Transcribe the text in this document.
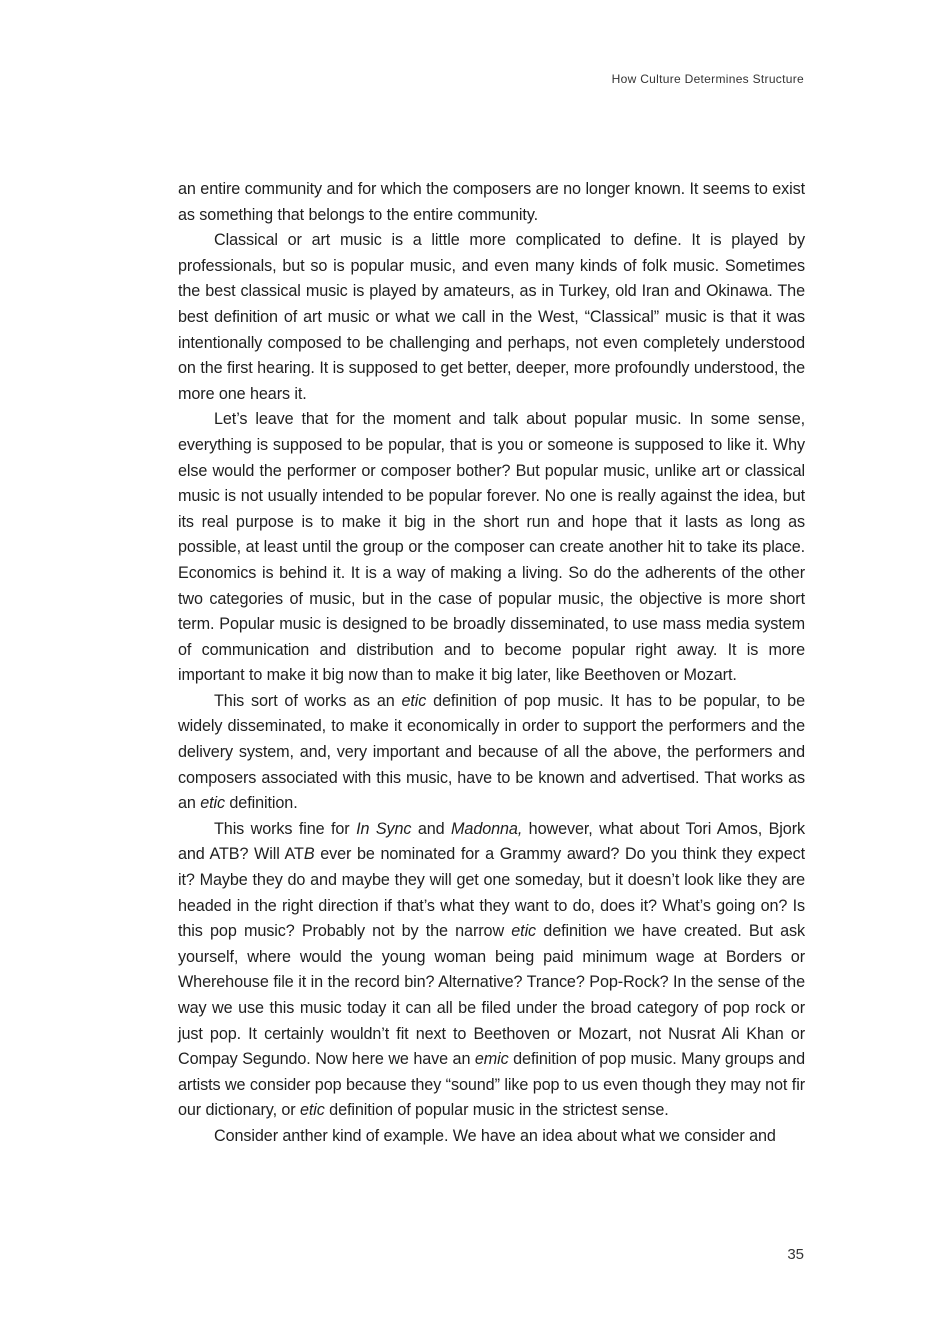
How Culture Determines Structure

an entire community and for which the composers are no longer known. It seems to exist as something that belongs to the entire community.

Classical or art music is a little more complicated to define. It is played by professionals, but so is popular music, and even many kinds of folk music. Sometimes the best classical music is played by amateurs, as in Turkey, old Iran and Okinawa. The best definition of art music or what we call in the West, “Classical” music is that it was intentionally composed to be challenging and perhaps, not even completely understood on the first hearing. It is supposed to get better, deeper, more profoundly understood, the more one hears it.

Let’s leave that for the moment and talk about popular music. In some sense, everything is supposed to be popular, that is you or someone is supposed to like it. Why else would the performer or composer bother? But popular music, unlike art or classical music is not usually intended to be popular forever. No one is really against the idea, but its real purpose is to make it big in the short run and hope that it lasts as long as possible, at least until the group or the composer can create another hit to take its place. Economics is behind it. It is a way of making a living. So do the adherents of the other two categories of music, but in the case of popular music, the objective is more short term. Popular music is designed to be broadly disseminated, to use mass media system of communication and distribution and to become popular right away. It is more important to make it big now than to make it big later, like Beethoven or Mozart.

This sort of works as an etic definition of pop music. It has to be popular, to be widely disseminated, to make it economically in order to support the performers and the delivery system, and, very important and because of all the above, the performers and composers associated with this music, have to be known and advertised. That works as an etic definition.

This works fine for In Sync and Madonna, however, what about Tori Amos, Bjork and ATB? Will ATB ever be nominated for a Grammy award? Do you think they expect it? Maybe they do and maybe they will get one someday, but it doesn’t look like they are headed in the right direction if that’s what they want to do, does it? What’s going on? Is this pop music? Probably not by the narrow etic definition we have created. But ask yourself, where would the young woman being paid minimum wage at Borders or Wherehouse file it in the record bin? Alternative? Trance? Pop-Rock? In the sense of the way we use this music today it can all be filed under the broad category of pop rock or just pop. It certainly wouldn’t fit next to Beethoven or Mozart, not Nusrat Ali Khan or Compay Segundo. Now here we have an emic definition of pop music. Many groups and artists we consider pop because they “sound” like pop to us even though they may not fir our dictionary, or etic definition of popular music in the strictest sense.

Consider anther kind of example. We have an idea about what we consider and

35
